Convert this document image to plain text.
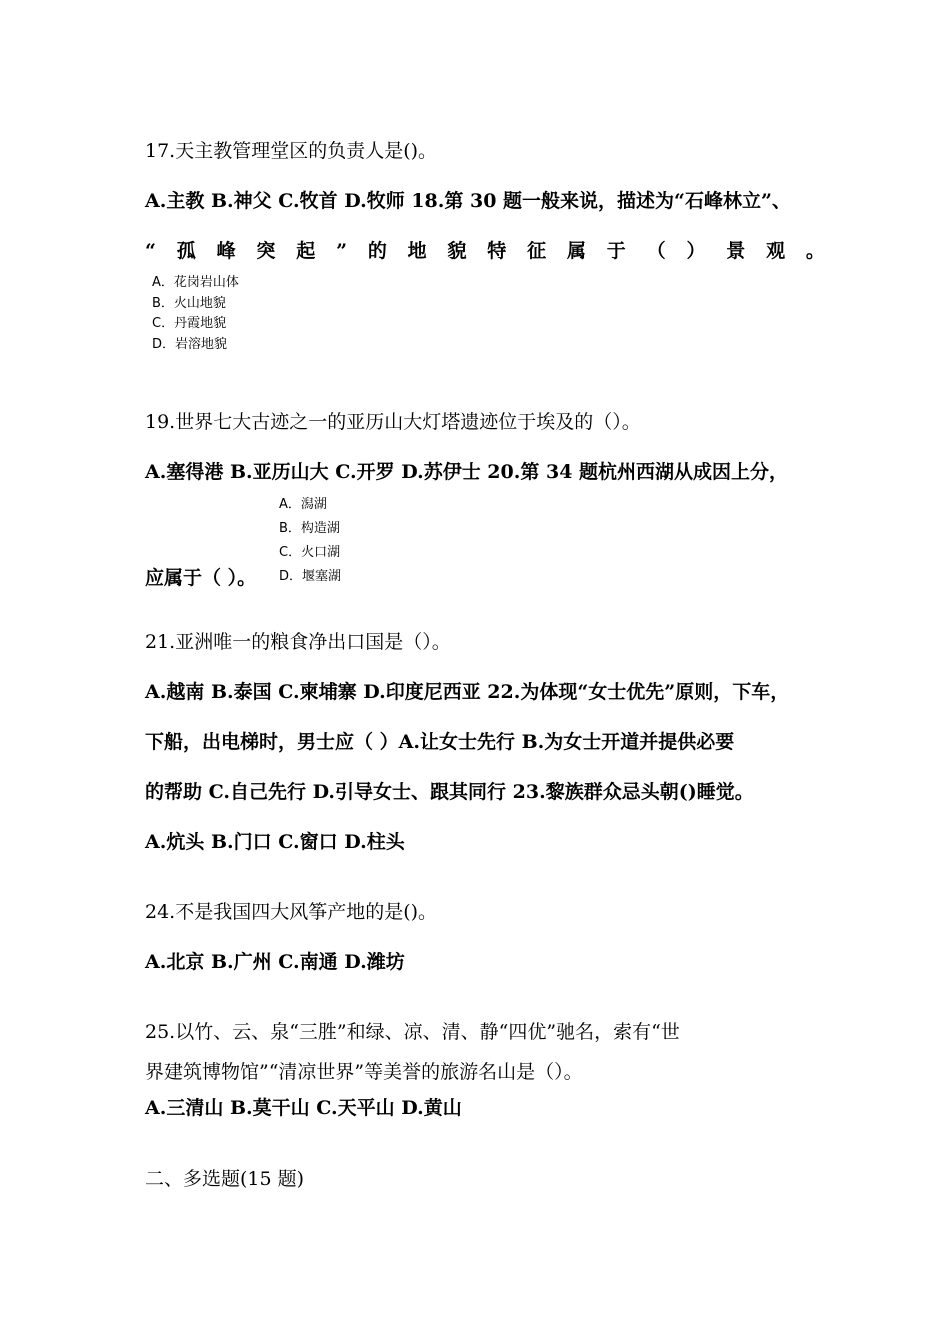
17.天主教管理堂区的负责人是()。
A.主教 B.神父 C.牧首 D.牧师 18.第 30 题一般来说，描述为“石峰林立”、
“ 孤 峰 突 起 ” 的 地 貌 特 征 属 于 （ ） 景 观 。
A．花岗岩山体
B．火山地貌
C．丹霞地貌
D．岩溶地貌
19.世界七大古迹之一的亚历山大灯塔遗迹位于埃及的（）。
A.塞得港 B.亚历山大 C.开罗 D.苏伊士 20.第 34 题杭州西湖从成因上分，
A．潟湖
B．构造湖
C．火口湖
D．堰塞湖
应属于（ ）。
21.亚洲唯一的粮食净出口国是（）。
A.越南 B.泰国 C.柬埔寨 D.印度尼西亚 22.为体现“女士优先”原则，下车，
下船，出电梯时，男士应（ ）A.让女士先行 B.为女士开道并提供必要
的帮助 C.自己先行 D.引导女士、跟其同行 23.黎族群众忌头朝()睡觉。
A.炕头 B.门口 C.窗口 D.柱头
24.不是我国四大风筝产地的是()。
A.北京 B.广州 C.南通 D.潍坊
25.以竹、云、泉“三胜”和绿、凉、清、静“四优”驰名，索有“世
界建筑博物馆”“清凉世界”等美誉的旅游名山是（）。
A.三清山 B.莫干山 C.天平山 D.黄山
二、多选题(15 题)
